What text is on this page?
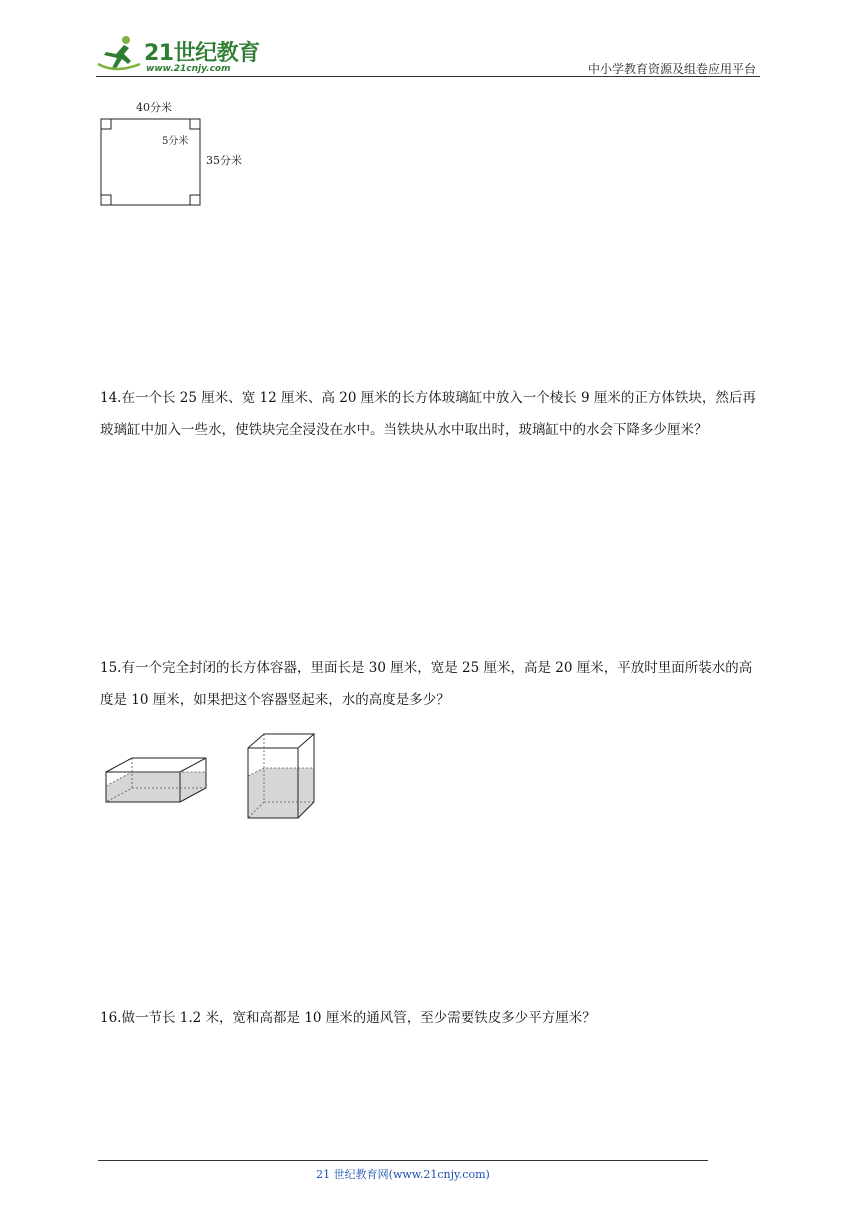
21世纪教育
www.21cnjy.com	中小学教育资源及组卷应用平台
40分米
5分米
35分米
14.在一个长 25 厘米、宽 12 厘米、高 20 厘米的长方体玻璃缸中放入一个棱长 9 厘米的正方体铁块，然后再玻璃缸中加入一些水，使铁块完全浸没在水中。当铁块从水中取出时，玻璃缸中的水会下降多少厘米？
15.有一个完全封闭的长方体容器，里面长是 30 厘米，宽是 25 厘米，高是 20 厘米，平放时里面所装水的高度是 10 厘米，如果把这个容器竖起来，水的高度是多少？
16.做一节长 1.2 米，宽和高都是 10 厘米的通风管，至少需要铁皮多少平方厘米？
21 世纪教育网(www.21cnjy.com)
